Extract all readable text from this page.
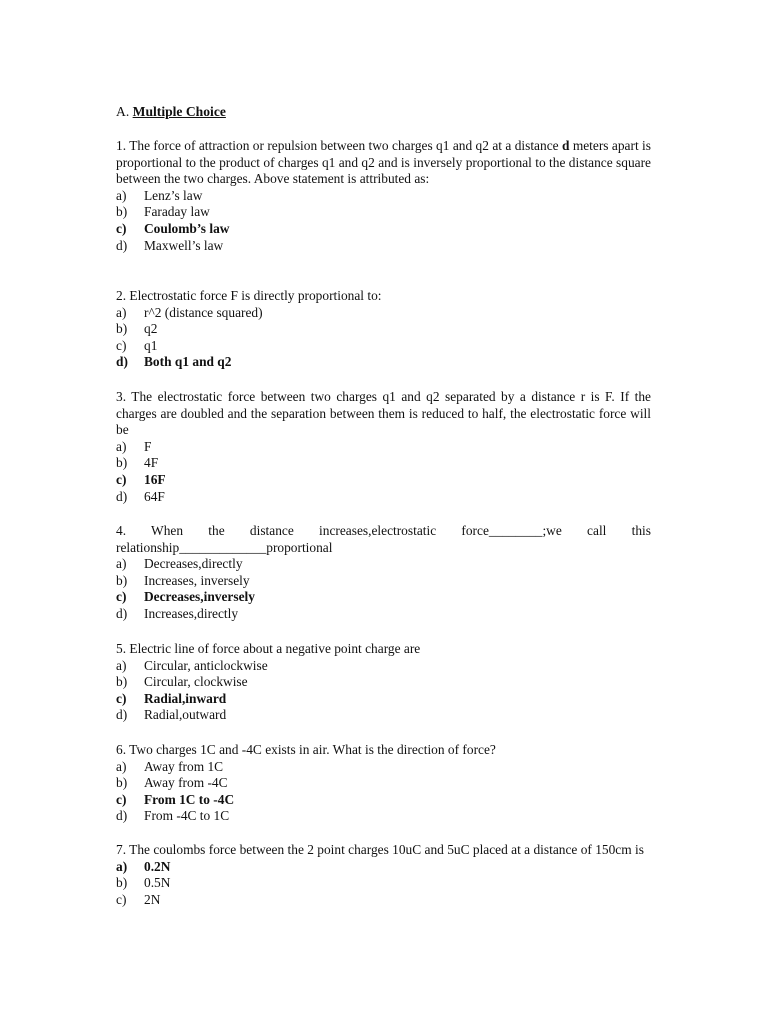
A. Multiple Choice
1. The force of attraction or repulsion between two charges q1 and q2 at a distance d meters apart is proportional to the product of charges q1 and q2 and is inversely proportional to the distance square between the two charges. Above statement is attributed as:
a)	Lenz’s law
b)	Faraday law
c)	Coulomb’s law
d)	Maxwell’s law
2. Electrostatic force F is directly proportional to:
a)	r^2 (distance squared)
b)	q2
c)	q1
d)	Both q1 and q2
3. The electrostatic force between two charges q1 and q2 separated by a distance r is F. If the charges are doubled and the separation between them is reduced to half, the electrostatic force will be
a)	F
b)	4F
c)	16F
d)	64F
4. When the distance increases,electrostatic force________;we call this relationship_____________proportional
a)	Decreases,directly
b)	Increases, inversely
c)	Decreases,inversely
d)	Increases,directly
5. Electric line of force about a negative point charge are
a)	Circular, anticlockwise
b)	Circular, clockwise
c)	Radial,inward
d)	Radial,outward
6. Two charges 1C and -4C exists in air. What is the direction of force?
a)	Away from 1C
b)	Away from -4C
c)	From 1C to -4C
d)	From -4C to 1C
7. The coulombs force between the 2 point charges 10uC and 5uC placed at a distance of 150cm is
a)	0.2N
b)	0.5N
c)	2N
